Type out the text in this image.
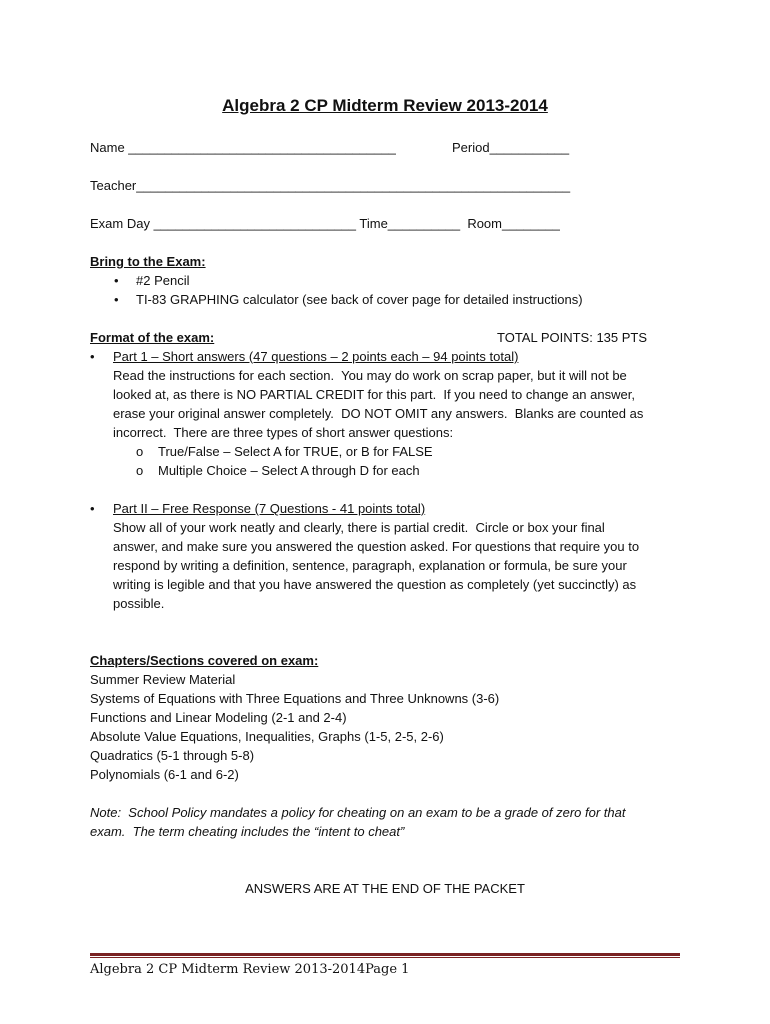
Algebra 2 CP Midterm Review 2013-2014
Name _____________________________________	Period___________
Teacher____________________________________________________________
Exam Day ____________________________ Time__________  Room________
Bring to the Exam:
• #2 Pencil
• TI-83 GRAPHING calculator (see back of cover page for detailed instructions)
Format of the exam:	TOTAL POINTS: 135 PTS
• Part 1 – Short answers (47 questions – 2 points each – 94 points total)
Read the instructions for each section.  You may do work on scrap paper, but it will not be
looked at, as there is NO PARTIAL CREDIT for this part.  If you need to change an answer,
erase your original answer completely.  DO NOT OMIT any answers.  Blanks are counted as
incorrect.  There are three types of short answer questions:
o True/False – Select A for TRUE, or B for FALSE
o Multiple Choice – Select A through D for each
• Part II – Free Response (7 Questions - 41 points total)
Show all of your work neatly and clearly, there is partial credit.  Circle or box your final
answer, and make sure you answered the question asked. For questions that require you to
respond by writing a definition, sentence, paragraph, explanation or formula, be sure your
writing is legible and that you have answered the question as completely (yet succinctly) as
possible.
Chapters/Sections covered on exam:
Summer Review Material
Systems of Equations with Three Equations and Three Unknowns (3-6)
Functions and Linear Modeling (2-1 and 2-4)
Absolute Value Equations, Inequalities, Graphs (1-5, 2-5, 2-6)
Quadratics (5-1 through 5-8)
Polynomials (6-1 and 6-2)
Note:  School Policy mandates a policy for cheating on an exam to be a grade of zero for that
exam.  The term cheating includes the “intent to cheat”
ANSWERS ARE AT THE END OF THE PACKET
Algebra 2 CP Midterm Review 2013-2014Page 1
